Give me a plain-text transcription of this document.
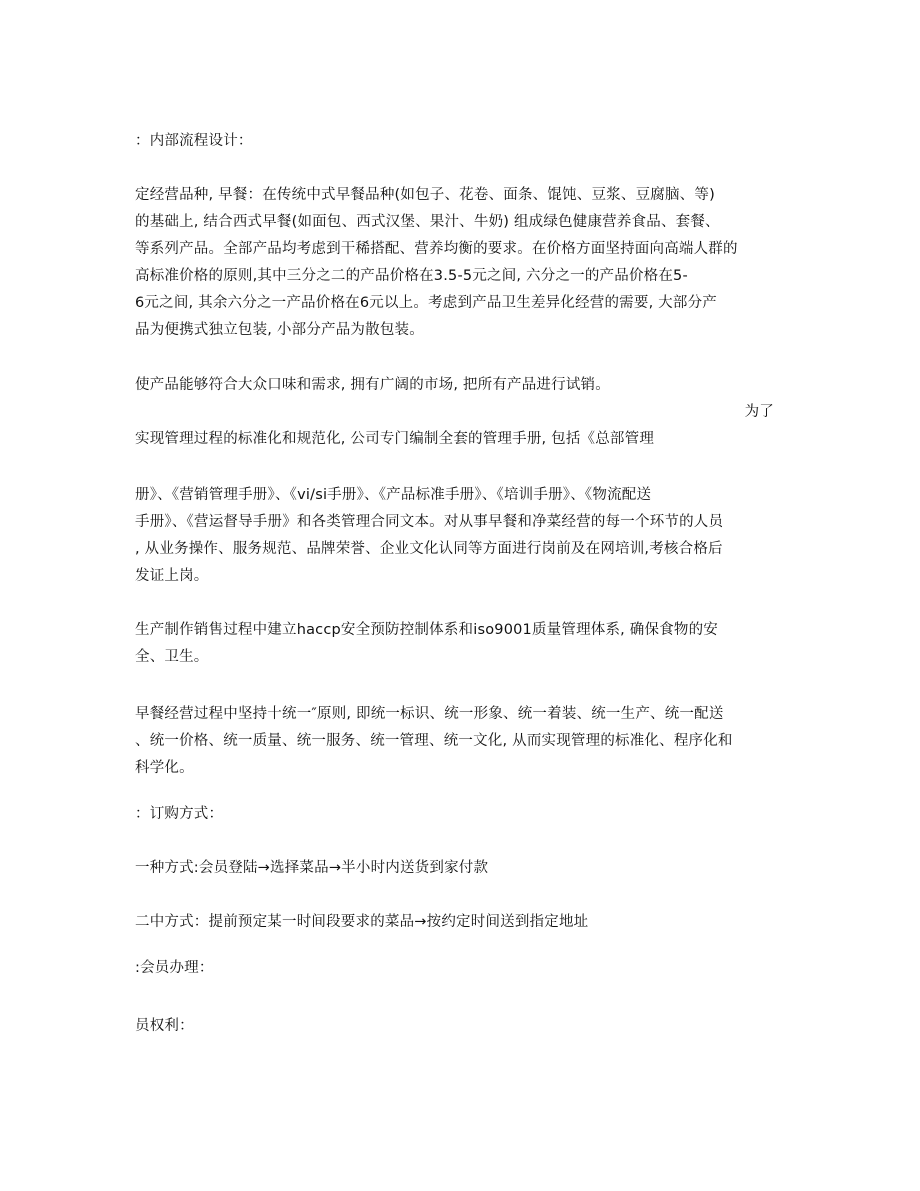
：内部流程设计：
定经营品种, 早餐：在传统中式早餐品种(如包子、花卷、面条、馄饨、豆浆、豆腐脑、等)
的基础上, 结合西式早餐(如面包、西式汉堡、果汁、牛奶) 组成绿色健康营养食品、套餐、
等系列产品。全部产品均考虑到干稀搭配、营养均衡的要求。在价格方面坚持面向高端人群的
高标准价格的原则,其中三分之二的产品价格在3.5-5元之间, 六分之一的产品价格在5-
6元之间, 其余六分之一产品价格在6元以上。考虑到产品卫生差异化经营的需要, 大部分产
品为便携式独立包装, 小部分产品为散包装。
使产品能够符合大众口味和需求, 拥有广阔的市场, 把所有产品进行试销。
为了
实现管理过程的标准化和规范化, 公司专门编制全套的管理手册, 包括《总部管理
册》、《营销管理手册》、《vi/si手册》、《产品标准手册》、《培训手册》、《物流配送
手册》、《营运督导手册》和各类管理合同文本。对从事早餐和净菜经营的每一个环节的人员
, 从业务操作、服务规范、品牌荣誉、企业文化认同等方面进行岗前及在网培训,考核合格后
发证上岗。
生产制作销售过程中建立haccp安全预防控制体系和iso9001质量管理体系, 确保食物的安
全、卫生。
早餐经营过程中坚持十统一″原则, 即统一标识、统一形象、统一着装、统一生产、统一配送
、统一价格、统一质量、统一服务、统一管理、统一文化, 从而实现管理的标准化、程序化和
科学化。
：订购方式：
一种方式:会员登陆→选择菜品→半小时内送货到家付款
二中方式：提前预定某一时间段要求的菜品→按约定时间送到指定地址
:会员办理：
员权利：
